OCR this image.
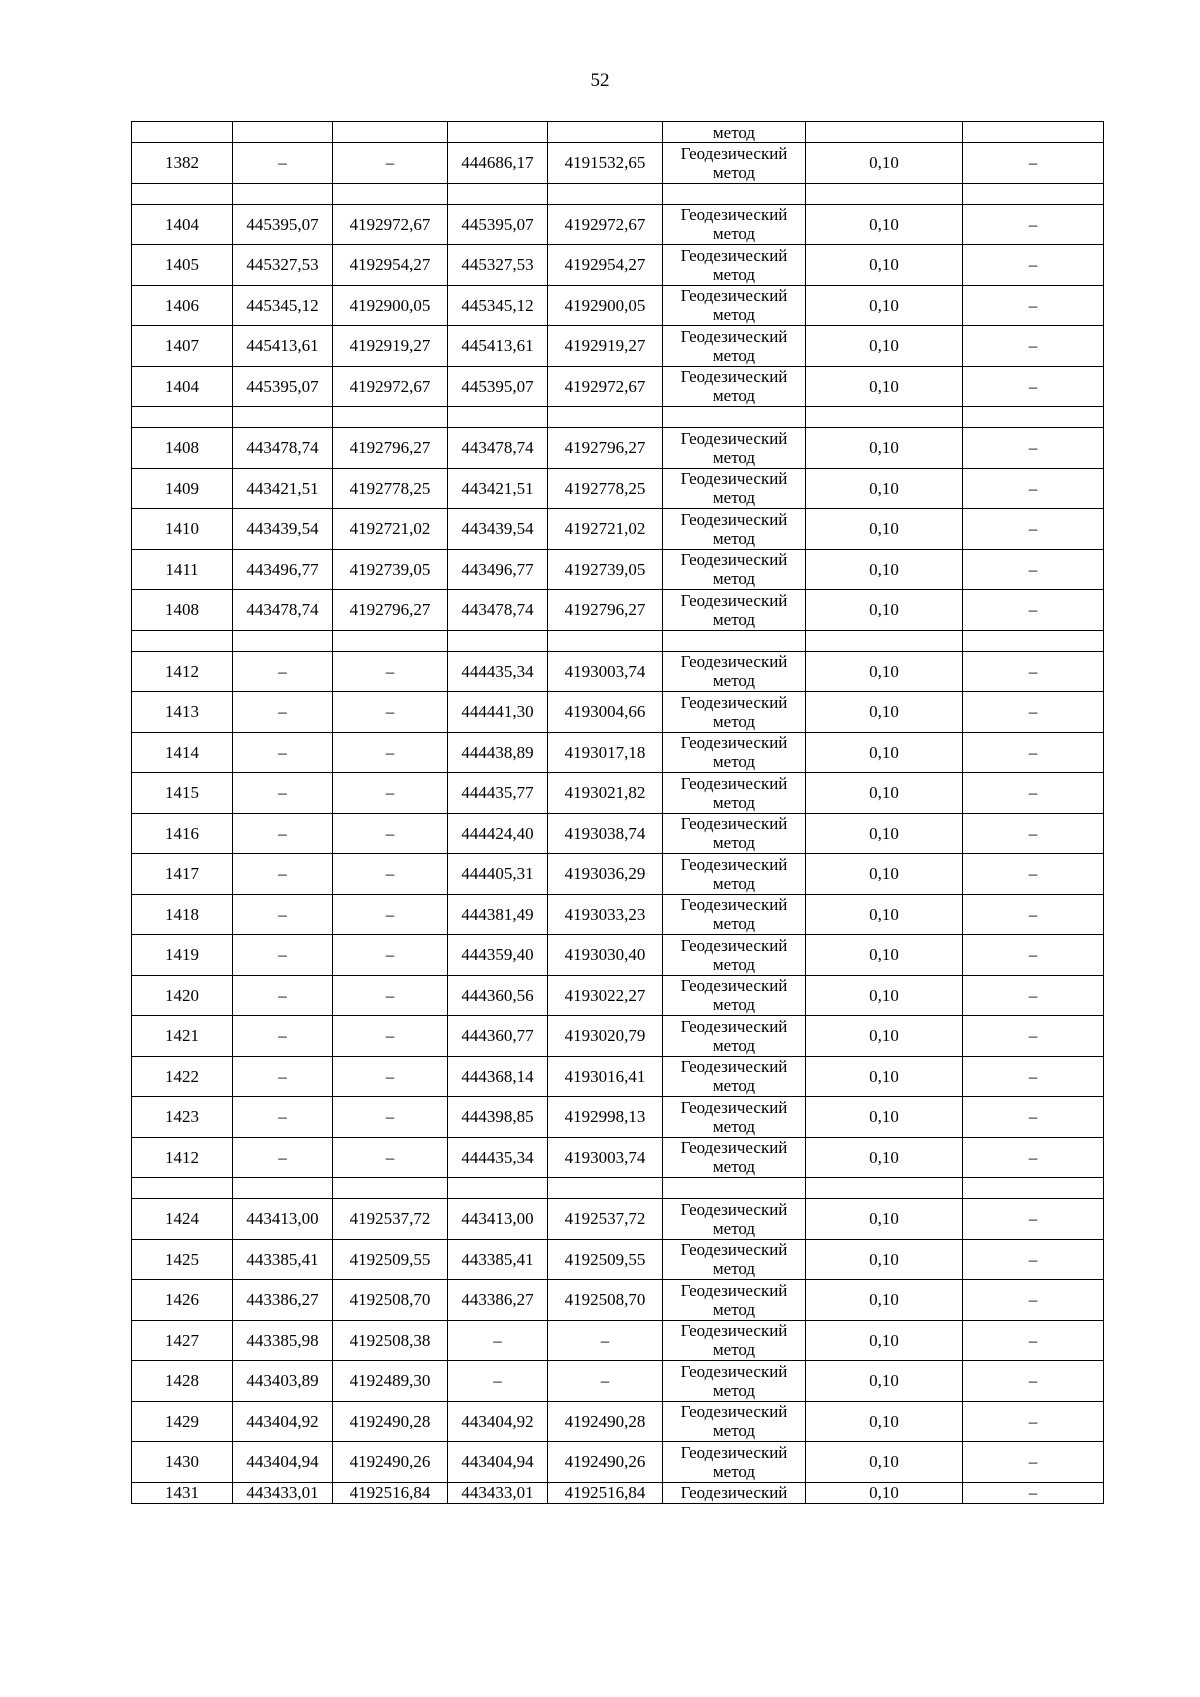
52
					метод		
1382	–	–	444686,17	4191532,65	Геодезический метод	0,10	–

1404	445395,07	4192972,67	445395,07	4192972,67	Геодезический метод	0,10	–
1405	445327,53	4192954,27	445327,53	4192954,27	Геодезический метод	0,10	–
1406	445345,12	4192900,05	445345,12	4192900,05	Геодезический метод	0,10	–
1407	445413,61	4192919,27	445413,61	4192919,27	Геодезический метод	0,10	–
1404	445395,07	4192972,67	445395,07	4192972,67	Геодезический метод	0,10	–

1408	443478,74	4192796,27	443478,74	4192796,27	Геодезический метод	0,10	–
1409	443421,51	4192778,25	443421,51	4192778,25	Геодезический метод	0,10	–
1410	443439,54	4192721,02	443439,54	4192721,02	Геодезический метод	0,10	–
1411	443496,77	4192739,05	443496,77	4192739,05	Геодезический метод	0,10	–
1408	443478,74	4192796,27	443478,74	4192796,27	Геодезический метод	0,10	–

1412	–	–	444435,34	4193003,74	Геодезический метод	0,10	–
1413	–	–	444441,30	4193004,66	Геодезический метод	0,10	–
1414	–	–	444438,89	4193017,18	Геодезический метод	0,10	–
1415	–	–	444435,77	4193021,82	Геодезический метод	0,10	–
1416	–	–	444424,40	4193038,74	Геодезический метод	0,10	–
1417	–	–	444405,31	4193036,29	Геодезический метод	0,10	–
1418	–	–	444381,49	4193033,23	Геодезический метод	0,10	–
1419	–	–	444359,40	4193030,40	Геодезический метод	0,10	–
1420	–	–	444360,56	4193022,27	Геодезический метод	0,10	–
1421	–	–	444360,77	4193020,79	Геодезический метод	0,10	–
1422	–	–	444368,14	4193016,41	Геодезический метод	0,10	–
1423	–	–	444398,85	4192998,13	Геодезический метод	0,10	–
1412	–	–	444435,34	4193003,74	Геодезический метод	0,10	–

1424	443413,00	4192537,72	443413,00	4192537,72	Геодезический метод	0,10	–
1425	443385,41	4192509,55	443385,41	4192509,55	Геодезический метод	0,10	–
1426	443386,27	4192508,70	443386,27	4192508,70	Геодезический метод	0,10	–
1427	443385,98	4192508,38	–	–	Геодезический метод	0,10	–
1428	443403,89	4192489,30	–	–	Геодезический метод	0,10	–
1429	443404,92	4192490,28	443404,92	4192490,28	Геодезический метод	0,10	–
1430	443404,94	4192490,26	443404,94	4192490,26	Геодезический метод	0,10	–
1431	443433,01	4192516,84	443433,01	4192516,84	Геодезический	0,10	–
